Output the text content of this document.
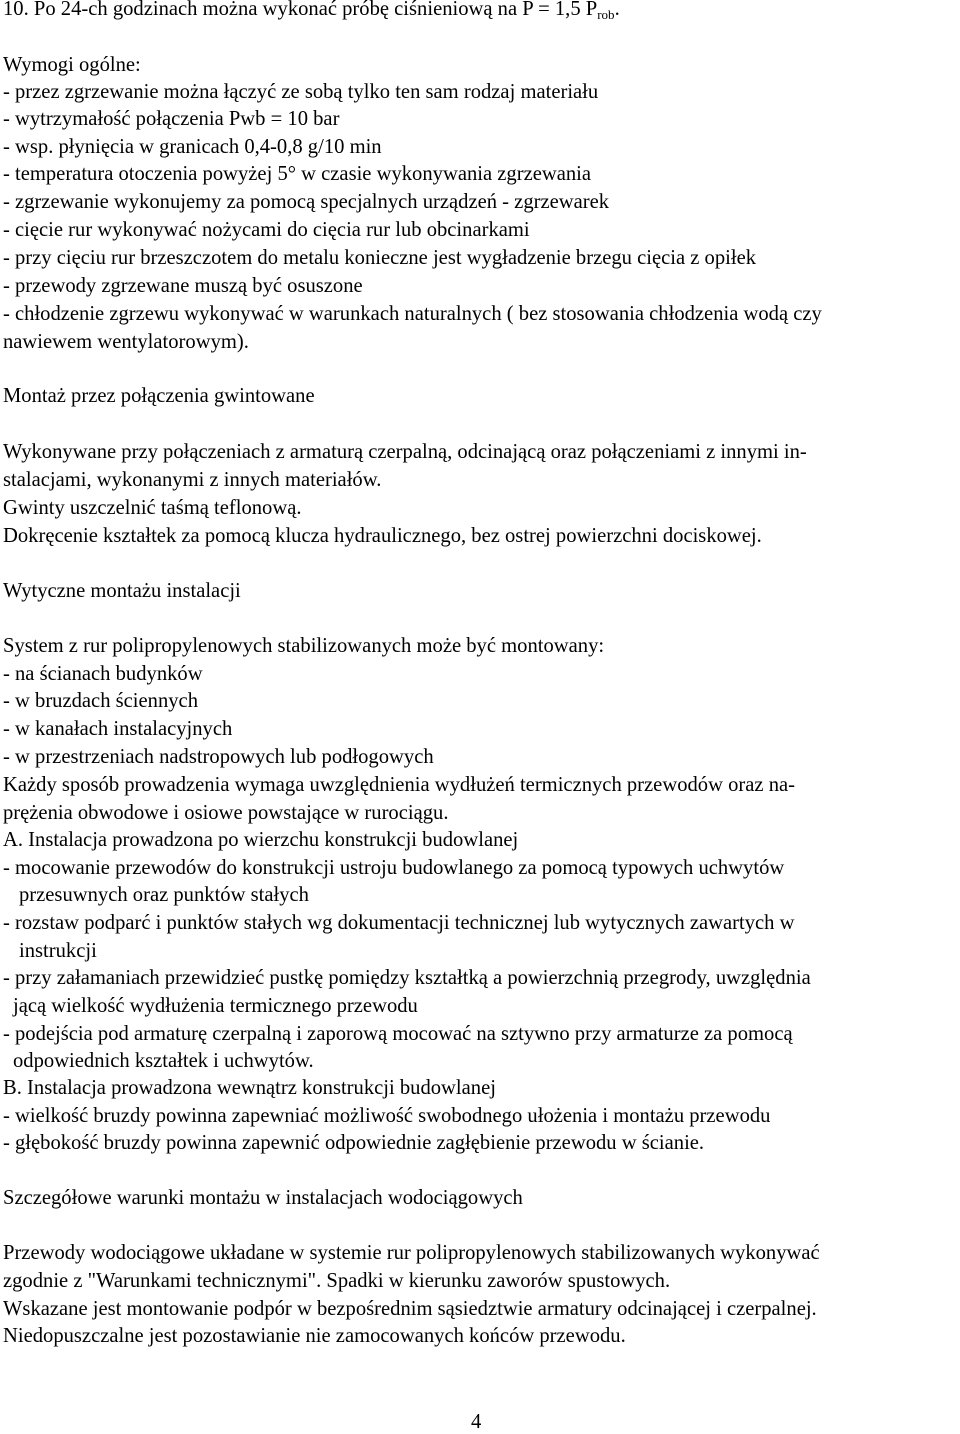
10. Po 24-ch godzinach można wykonać próbę ciśnieniową na P = 1,5 $P_{rob}$.
Wymogi ogólne:
- przez zgrzewanie można łączyć ze sobą tylko ten sam rodzaj materiału
- wytrzymałość połączenia Pwb = 10 bar
- wsp. płynięcia w granicach 0,4-0,8 g/10 min
- temperatura otoczenia powyżej 5° w czasie wykonywania zgrzewania
- zgrzewanie wykonujemy za pomocą specjalnych urządzeń - zgrzewarek
- cięcie rur wykonywać nożycami do cięcia rur lub obcinarkami
- przy cięciu rur brzeszczotem do metalu konieczne jest wygładzenie brzegu cięcia z opiłek
- przewody zgrzewane muszą być osuszone
- chłodzenie zgrzewu wykonywać w warunkach naturalnych ( bez stosowania chłodzenia wodą czy
nawiewem wentylatorowym).
Montaż przez połączenia gwintowane
Wykonywane przy połączeniach z armaturą czerpalną, odcinającą oraz połączeniami z innymi in-
stalacjami, wykonanymi z innych materiałów.
Gwinty uszczelnić taśmą teflonową.
Dokręcenie kształtek za pomocą klucza hydraulicznego, bez ostrej powierzchni dociskowej.
Wytyczne montażu instalacji
System z rur polipropylenowych stabilizowanych może być montowany:
- na ścianach budynków
- w bruzdach ściennych
- w kanałach instalacyjnych
- w przestrzeniach nadstropowych lub podłogowych
Każdy sposób prowadzenia wymaga uwzględnienia wydłużeń termicznych przewodów oraz na-
prężenia obwodowe i osiowe powstające w rurociągu.
A. Instalacja prowadzona po wierzchu konstrukcji budowlanej
- mocowanie przewodów do konstrukcji ustroju budowlanego za pomocą typowych uchwytów
przesuwnych oraz punktów stałych
- rozstaw podparć i punktów stałych wg dokumentacji technicznej lub wytycznych zawartych w
instrukcji
- przy załamaniach przewidzieć pustkę pomiędzy kształtką a powierzchnią przegrody, uwzględnia
jącą wielkość wydłużenia termicznego przewodu
- podejścia pod armaturę czerpalną i zaporową mocować na sztywno przy armaturze za pomocą
odpowiednich kształtek i uchwytów.
B. Instalacja prowadzona wewnątrz konstrukcji budowlanej
- wielkość bruzdy powinna zapewniać możliwość swobodnego ułożenia i montażu przewodu
- głębokość bruzdy powinna zapewnić odpowiednie zagłębienie przewodu w ścianie.
Szczegółowe warunki montażu w instalacjach wodociągowych
Przewody wodociągowe układane w systemie rur polipropylenowych stabilizowanych wykonywać
zgodnie z "Warunkami technicznymi". Spadki w kierunku zaworów spustowych.
Wskazane jest montowanie podpór w bezpośrednim sąsiedztwie armatury odcinającej i czerpalnej.
Niedopuszczalne jest pozostawianie nie zamocowanych końców przewodu.
4
